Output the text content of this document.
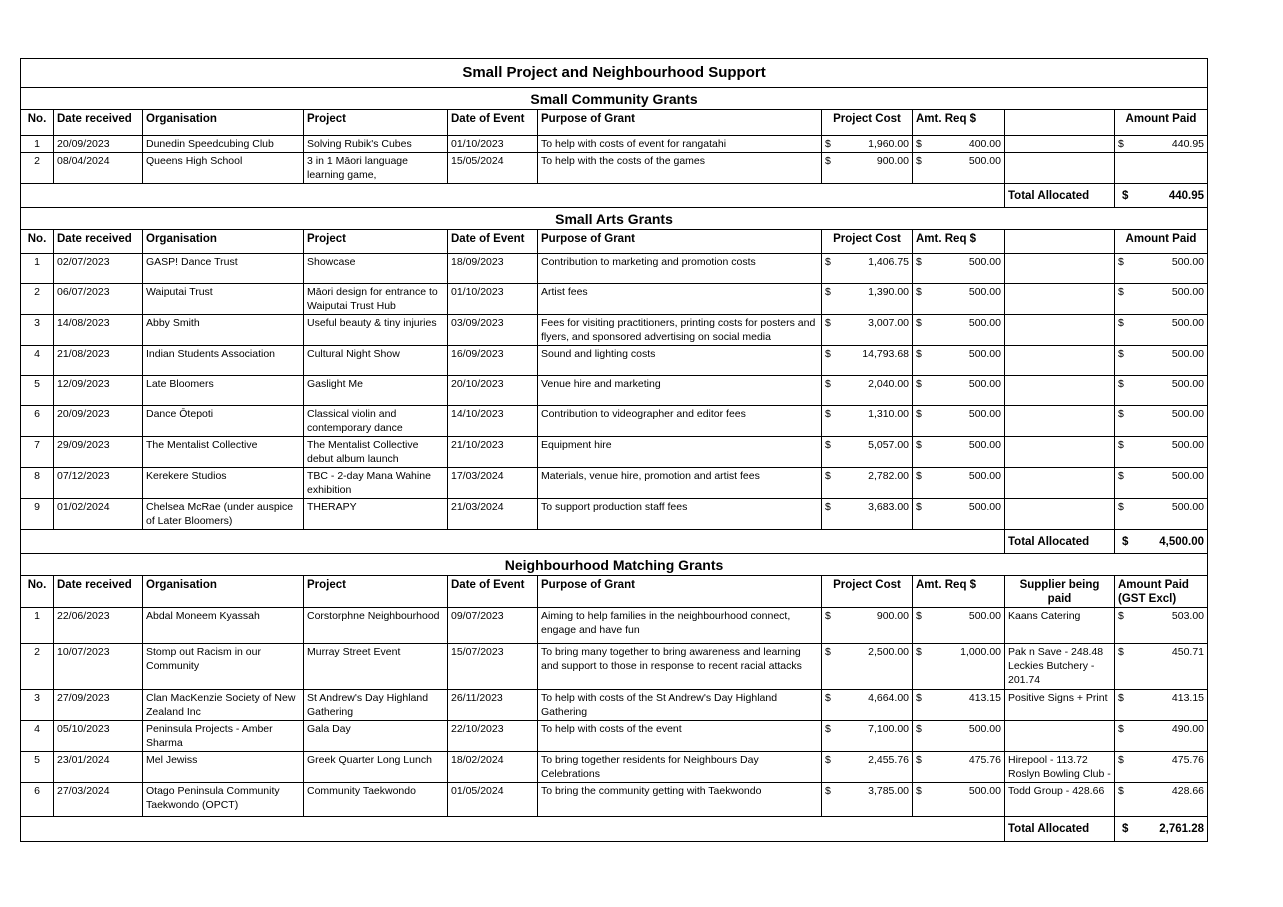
Small Project and Neighbourhood Support									
Small Community Grants									
No.	Date received	Organisation	Project	Date of Event	Purpose of Grant	Project Cost	Amt. Req $		Amount Paid
1	20/09/2023	Dunedin Speedcubing Club	Solving Rubik's Cubes	01/10/2023	To help with costs of event for rangatahi	$ 1,960.00	$ 400.00		$ 440.95

2	08/04/2024	Queens High School	3 in 1 Māori language learning game,	15/05/2024	To help with the costs of the games	$ 900.00	$ 500.00		

								Total Allocated	$ 440.95

Small Arts Grants									
No.	Date received	Organisation	Project	Date of Event	Purpose of Grant	Project Cost	Amt. Req $		Amount Paid
1	02/07/2023	GASP! Dance Trust	Showcase	18/09/2023	Contribution to marketing and promotion costs	$ 1,406.75	$ 500.00		$ 500.00

2	06/07/2023	Waiputai Trust	Māori design for entrance to Waiputai Trust Hub	01/10/2023	Artist fees	$ 1,390.00	$ 500.00		$ 500.00

3	14/08/2023	Abby Smith	Useful beauty & tiny injuries	03/09/2023	Fees for visiting practitioners, printing costs for posters and flyers, and sponsored advertising on social media	$ 3,007.00	$ 500.00		$ 500.00

4	21/08/2023	Indian Students Association	Cultural Night Show	16/09/2023	Sound and lighting costs	$ 14,793.68	$ 500.00		$ 500.00

5	12/09/2023	Late Bloomers	Gaslight Me	20/10/2023	Venue hire and marketing	$ 2,040.00	$ 500.00		$ 500.00

6	20/09/2023	Dance Ōtepoti	Classical violin and contemporary dance	14/10/2023	Contribution to videographer and editor fees	$ 1,310.00	$ 500.00		$ 500.00

7	29/09/2023	The Mentalist Collective	The Mentalist Collective debut album launch	21/10/2023	Equipment hire	$ 5,057.00	$ 500.00		$ 500.00

8	07/12/2023	Kerekere Studios	TBC - 2-day Mana Wahine exhibition	17/03/2024	Materials, venue hire, promotion and artist fees	$ 2,782.00	$ 500.00		$ 500.00

9	01/02/2024	Chelsea McRae (under auspice of Later Bloomers)	THERAPY	21/03/2024	To support production staff fees	$ 3,683.00	$ 500.00		$ 500.00

								Total Allocated	$ 4,500.00

Neighbourhood Matching Grants									
No.	Date received	Organisation	Project	Date of Event	Purpose of Grant	Project Cost	Amt. Req $	Supplier being paid	Amount Paid
(GST Excl)
1	22/06/2023	Abdal Moneem Kyassah	Corstorphne Neighbourhood	09/07/2023	Aiming to help families in the neighbourhood connect, engage and have fun	$ 900.00	$ 500.00	Kaans Catering	$ 503.00

2	10/07/2023	Stomp out Racism in our Community	Murray Street Event	15/07/2023	To bring many together to bring awareness and learning and support to those in response to recent racial attacks	$ 2,500.00	$ 1,000.00	Pak n Save - 248.48 Leckies Butchery - 201.74	$ 450.71

3	27/09/2023	Clan MacKenzie Society of New Zealand Inc	St Andrew's Day Highland Gathering	26/11/2023	To help with costs of the St Andrew's Day Highland Gathering	$ 4,664.00	$ 413.15	Positive Signs + Print	$ 413.15

4	05/10/2023	Peninsula Projects - Amber Sharma	Gala Day	22/10/2023	To help with costs of the event	$ 7,100.00	$ 500.00		$ 490.00

5	23/01/2024	Mel Jewiss	Greek Quarter Long Lunch	18/02/2024	To bring together residents for Neighbours Day Celebrations	$ 2,455.76	$ 475.76	Hirepool - 113.72 Roslyn Bowling Club -	$ 475.76

6	27/03/2024	Otago Peninsula Community Taekwondo (OPCT)	Community Taekwondo	01/05/2024	To bring the community getting with Taekwondo	$ 3,785.00	$ 500.00	Todd Group - 428.66	$ 428.66

								Total Allocated	$ 2,761.28
